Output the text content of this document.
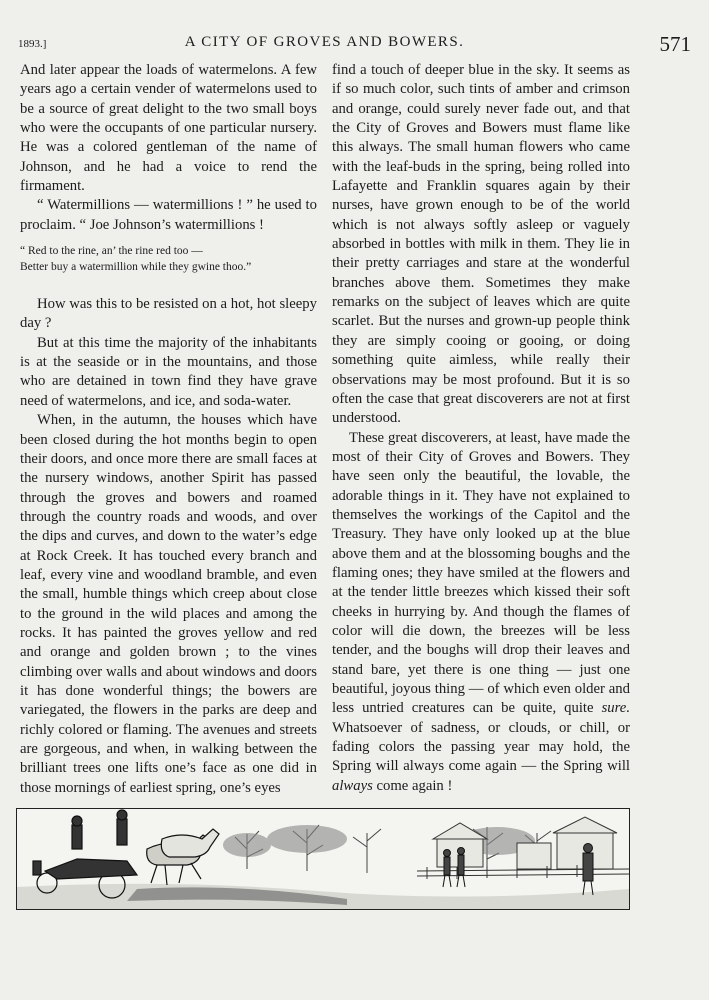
1893.]	A CITY OF GROVES AND BOWERS.	571

And later appear the loads of watermelons. A few years ago a certain vender of watermelons used to be a source of great delight to the two small boys who were the occupants of one particular nursery. He was a colored gentleman of the name of Johnson, and he had a voice to rend the firmament.

“ Watermillions — watermillions ! ” he used to proclaim. “ Joe Johnson’s watermillions !

“ Red to the rine, an’ the rine red too —
Better buy a watermillion while they gwine thoo.”

How was this to be resisted on a hot, hot sleepy day ?

But at this time the majority of the inhabitants is at the seaside or in the mountains, and those who are detained in town find they have grave need of watermelons, and ice, and soda-water.

When, in the autumn, the houses which have been closed during the hot months begin to open their doors, and once more there are small faces at the nursery windows, another Spirit has passed through the groves and bowers and roamed through the country roads and woods, and over the dips and curves, and down to the water’s edge at Rock Creek. It has touched every branch and leaf, every vine and woodland bramble, and even the small, humble things which creep about close to the ground in the wild places and among the rocks. It has painted the groves yellow and red and orange and golden brown ; to the vines climbing over walls and about windows and doors it has done wonderful things; the bowers are variegated, the flowers in the parks are deep and richly colored or flaming. The avenues and streets are gorgeous, and when, in walking between the brilliant trees one lifts one’s face as one did in those mornings of earliest spring, one’s eyes

find a touch of deeper blue in the sky. It seems as if so much color, such tints of amber and crimson and orange, could surely never fade out, and that the City of Groves and Bowers must flame like this always. The small human flowers who came with the leaf-buds in the spring, being rolled into Lafayette and Franklin squares again by their nurses, have grown enough to be of the world which is not always softly asleep or vaguely absorbed in bottles with milk in them. They lie in their pretty carriages and stare at the wonderful branches above them. Sometimes they make remarks on the subject of leaves which are quite scarlet. But the nurses and grown-up people think they are simply cooing or gooing, or doing something quite aimless, while really their observations may be most profound. But it is so often the case that great discoverers are not at first understood.

These great discoverers, at least, have made the most of their City of Groves and Bowers. They have seen only the beautiful, the lovable, the adorable things in it. They have not explained to themselves the workings of the Capitol and the Treasury. They have only looked up at the blue above them and at the blossoming boughs and the flaming ones; they have smiled at the flowers and at the tender little breezes which kissed their soft cheeks in hurrying by. And though the flames of color will die down, the breezes will be less tender, and the boughs will drop their leaves and stand bare, yet there is one thing — just one beautiful, joyous thing — of which even older and less untried creatures can be quite, quite sure. Whatsoever of sadness, or clouds, or chill, or fading colors the passing year may hold, the Spring will always come again — the Spring will always come again !
